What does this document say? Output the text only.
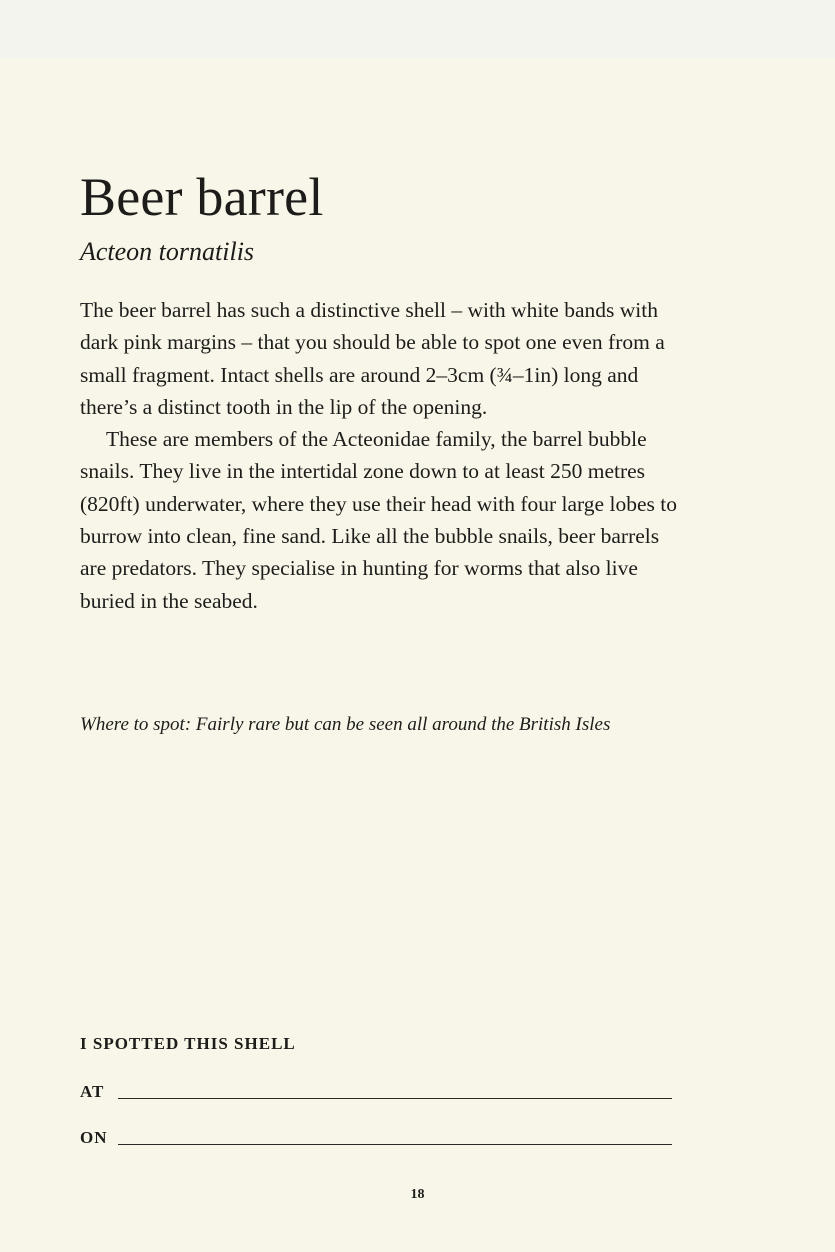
Beer barrel
Acteon tornatilis

The beer barrel has such a distinctive shell – with white bands with dark pink margins – that you should be able to spot one even from a small fragment. Intact shells are around 2–3cm (¾–1in) long and there’s a distinct tooth in the lip of the opening.

These are members of the Acteonidae family, the barrel bubble snails. They live in the intertidal zone down to at least 250 metres (820ft) underwater, where they use their head with four large lobes to burrow into clean, fine sand. Like all the bubble snails, beer barrels are predators. They specialise in hunting for worms that also live buried in the seabed.

Where to spot: Fairly rare but can be seen all around the British Isles
I SPOTTED THIS SHELL
AT
ON
18
